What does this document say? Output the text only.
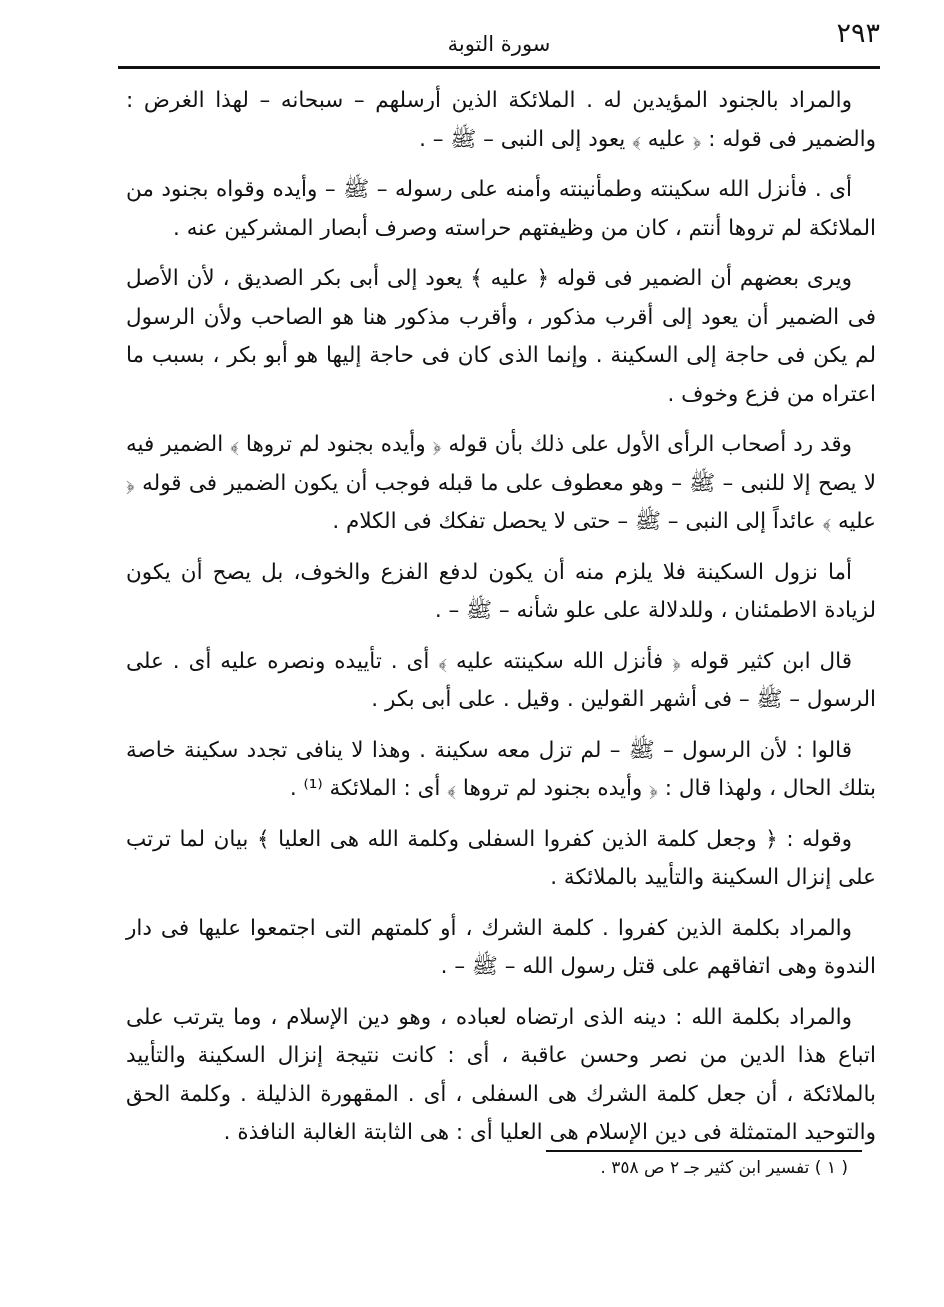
٢٩٣
سورة التوبة

والمراد بالجنود المؤيدين له . الملائكة الذين أرسلهم – سبحانه – لهذا الغرض : والضمير فى قوله : ﴿ عليه ﴾ يعود إلى النبى – ﷺ – .

أى . فأنزل الله سكينته وطمأنينته وأمنه على رسوله – ﷺ – وأيده وقواه بجنود من الملائكة لم تروها أنتم ، كان من وظيفتهم حراسته وصرف أبصار المشركين عنه .

ويرى بعضهم أن الضمير فى قوله ﴿ عليه ﴾ يعود إلى أبى بكر الصديق ، لأن الأصل فى الضمير أن يعود إلى أقرب مذكور ، وأقرب مذكور هنا هو الصاحب ولأن الرسول لم يكن فى حاجة إلى السكينة . وإنما الذى كان فى حاجة إليها هو أبو بكر ، بسبب ما اعتراه من فزع وخوف .

وقد رد أصحاب الرأى الأول على ذلك بأن قوله ﴿ وأيده بجنود لم تروها ﴾ الضمير فيه لا يصح إلا للنبى – ﷺ – وهو معطوف على ما قبله فوجب أن يكون الضمير فى قوله ﴿ عليه ﴾ عائداً إلى النبى – ﷺ – حتى لا يحصل تفكك فى الكلام .

أما نزول السكينة فلا يلزم منه أن يكون لدفع الفزع والخوف، بل يصح أن يكون لزيادة الاطمئنان ، وللدلالة على علو شأنه – ﷺ – .

قال ابن كثير قوله ﴿ فأنزل الله سكينته عليه ﴾ أى . تأييده ونصره عليه أى . على الرسول – ﷺ – فى أشهر القولين . وقيل . على أبى بكر .

قالوا : لأن الرسول – ﷺ – لم تزل معه سكينة . وهذا لا ينافى تجدد سكينة خاصة بتلك الحال ، ولهذا قال : ﴿ وأيده بجنود لم تروها ﴾ أى : الملائكة ⁽¹⁾ .

وقوله : ﴿ وجعل كلمة الذين كفروا السفلى وكلمة الله هى العليا ﴾ بيان لما ترتب على إنزال السكينة والتأييد بالملائكة .

والمراد بكلمة الذين كفروا . كلمة الشرك ، أو كلمتهم التى اجتمعوا عليها فى دار الندوة وهى اتفاقهم على قتل رسول الله – ﷺ – .

والمراد بكلمة الله : دينه الذى ارتضاه لعباده ، وهو دين الإسلام ، وما يترتب على اتباع هذا الدين من نصر وحسن عاقبة ، أى : كانت نتيجة إنزال السكينة والتأييد بالملائكة ، أن جعل كلمة الشرك هى السفلى ، أى . المقهورة الذليلة . وكلمة الحق والتوحيد المتمثلة فى دين الإسلام هى العليا أى : هى الثابتة الغالبة النافذة .

( ١ ) تفسير ابن كثير جـ ٢ ص ٣٥٨ .
